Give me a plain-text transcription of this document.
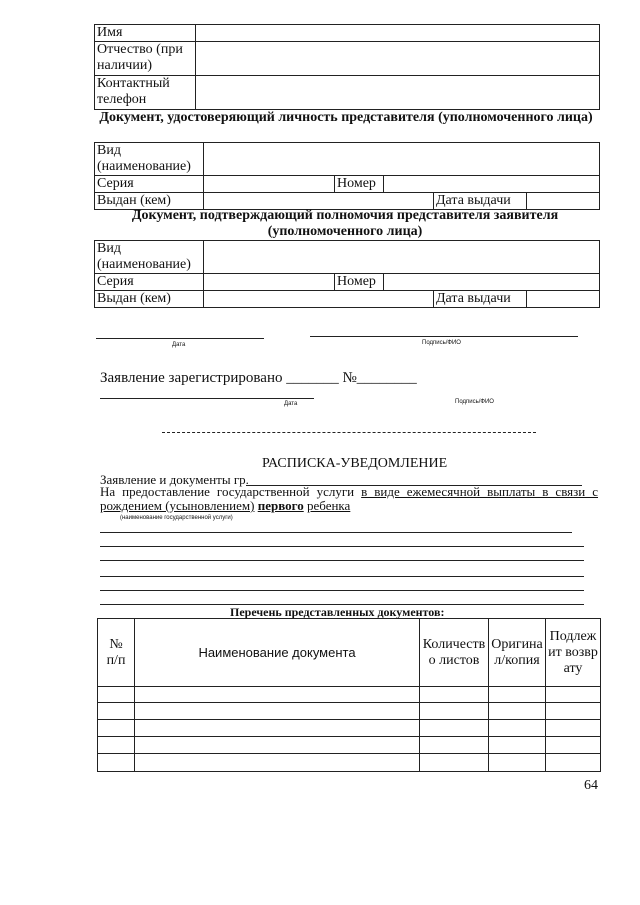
Имя	
Отчество (при наличии)	
Контактный телефон	
Документ, удостоверяющий личность представителя (уполномоченного лица)
Вид (наименование)					
Серия		Номер			
Выдан (кем)				Дата выдачи	
Документ, подтверждающий полномочия представителя заявителя (уполномоченного лица)
Вид (наименование)					
Серия		Номер			
Выдан (кем)				Дата выдачи	
Дата	Подпись/ФИО
Заявление зарегистрировано _______ №________
Дата	Подпись/ФИО
РАСПИСКА-УВЕДОМЛЕНИЕ
Заявление и документы гр.
На предоставление государственной услуги в виде ежемесячной выплаты в связи с рождением (усыновлением) первого ребенка
(наименование государственной услуги)
Перечень представленных документов:
№ п/п	Наименование документа	Количество листов	Оригинал/копия	Подлежит возврату

64
